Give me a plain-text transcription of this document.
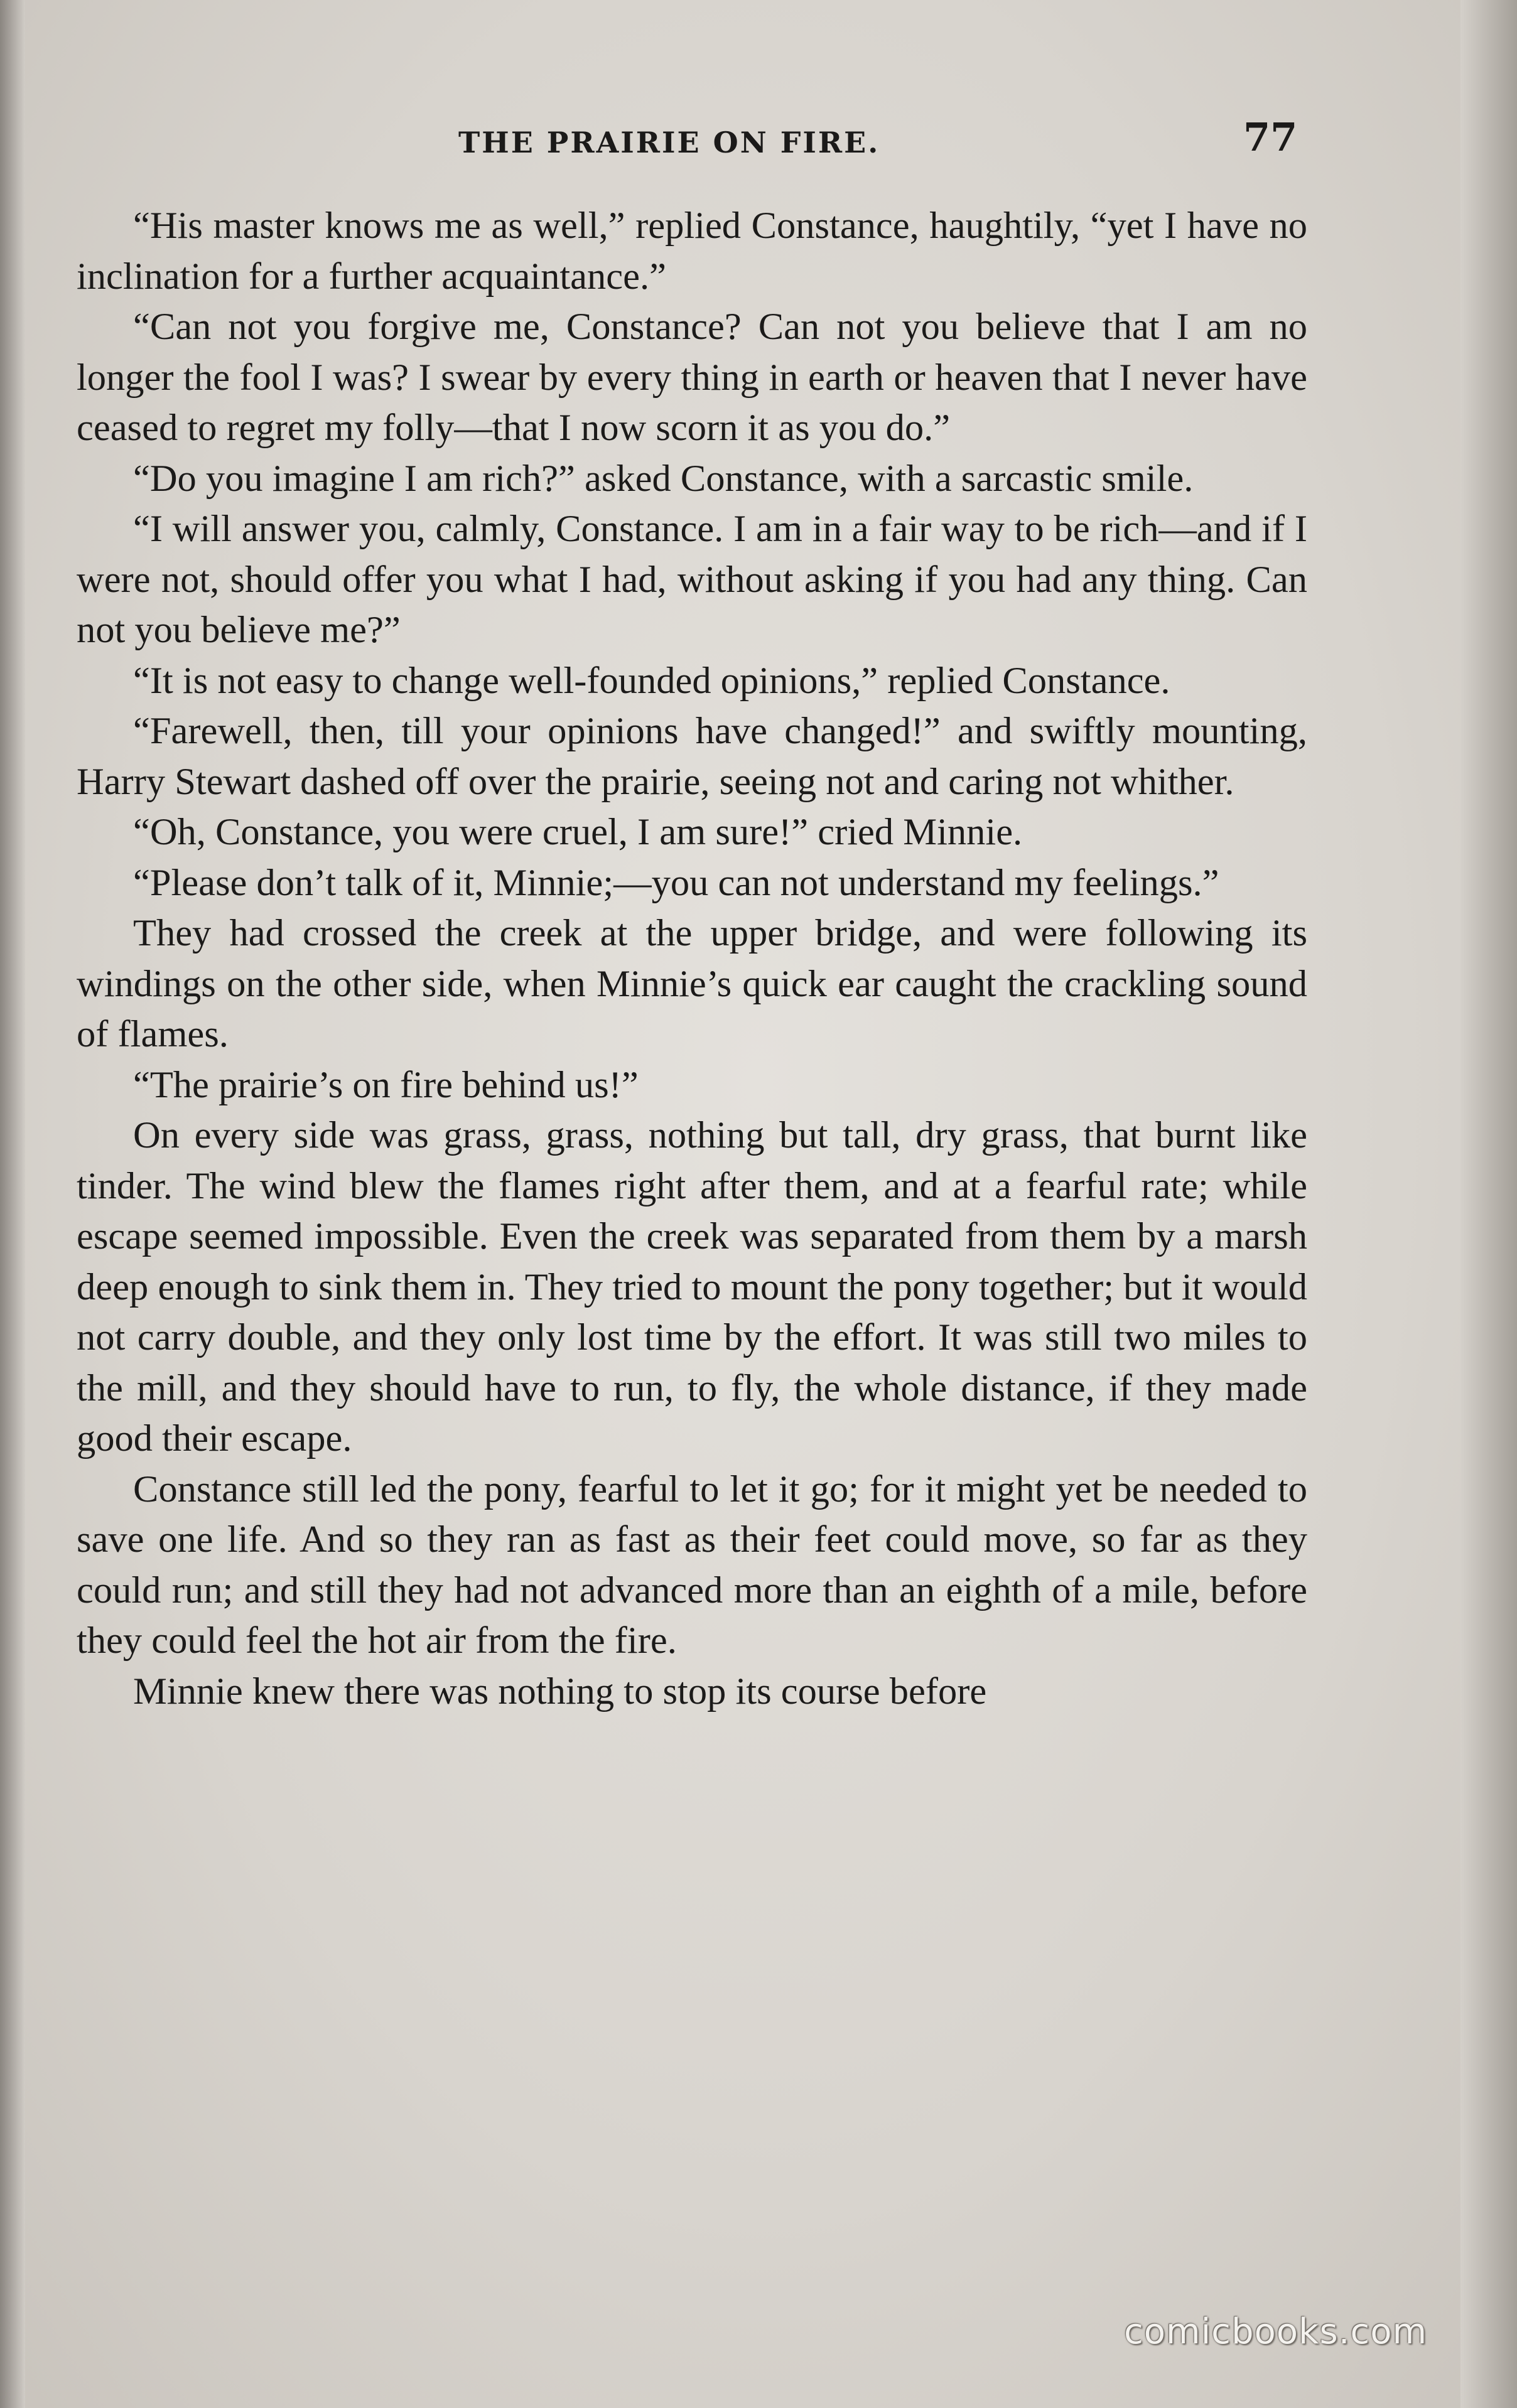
THE PRAIRIE ON FIRE.	77

“His master knows me as well,” replied Constance, haughtily, “yet I have no inclination for a further acquaintance.”

“Can not you forgive me, Constance? Can not you believe that I am no longer the fool I was? I swear by every thing in earth or heaven that I never have ceased to regret my folly—that I now scorn it as you do.”

“Do you imagine I am rich?” asked Constance, with a sarcastic smile.

“I will answer you, calmly, Constance. I am in a fair way to be rich—and if I were not, should offer you what I had, without asking if you had any thing. Can not you believe me?”

“It is not easy to change well-founded opinions,” replied Constance.

“Farewell, then, till your opinions have changed!” and swiftly mounting, Harry Stewart dashed off over the prairie, seeing not and caring not whither.

“Oh, Constance, you were cruel, I am sure!” cried Minnie.

“Please don’t talk of it, Minnie;—you can not understand my feelings.”

They had crossed the creek at the upper bridge, and were following its windings on the other side, when Minnie’s quick ear caught the crackling sound of flames.

“The prairie’s on fire behind us!”

On every side was grass, grass, nothing but tall, dry grass, that burnt like tinder. The wind blew the flames right after them, and at a fearful rate; while escape seemed impossible. Even the creek was separated from them by a marsh deep enough to sink them in. They tried to mount the pony together; but it would not carry double, and they only lost time by the effort. It was still two miles to the mill, and they should have to run, to fly, the whole distance, if they made good their escape.

Constance still led the pony, fearful to let it go; for it might yet be needed to save one life. And so they ran as fast as their feet could move, so far as they could run; and still they had not advanced more than an eighth of a mile, before they could feel the hot air from the fire.

Minnie knew there was nothing to stop its course before

comicbooks.com
